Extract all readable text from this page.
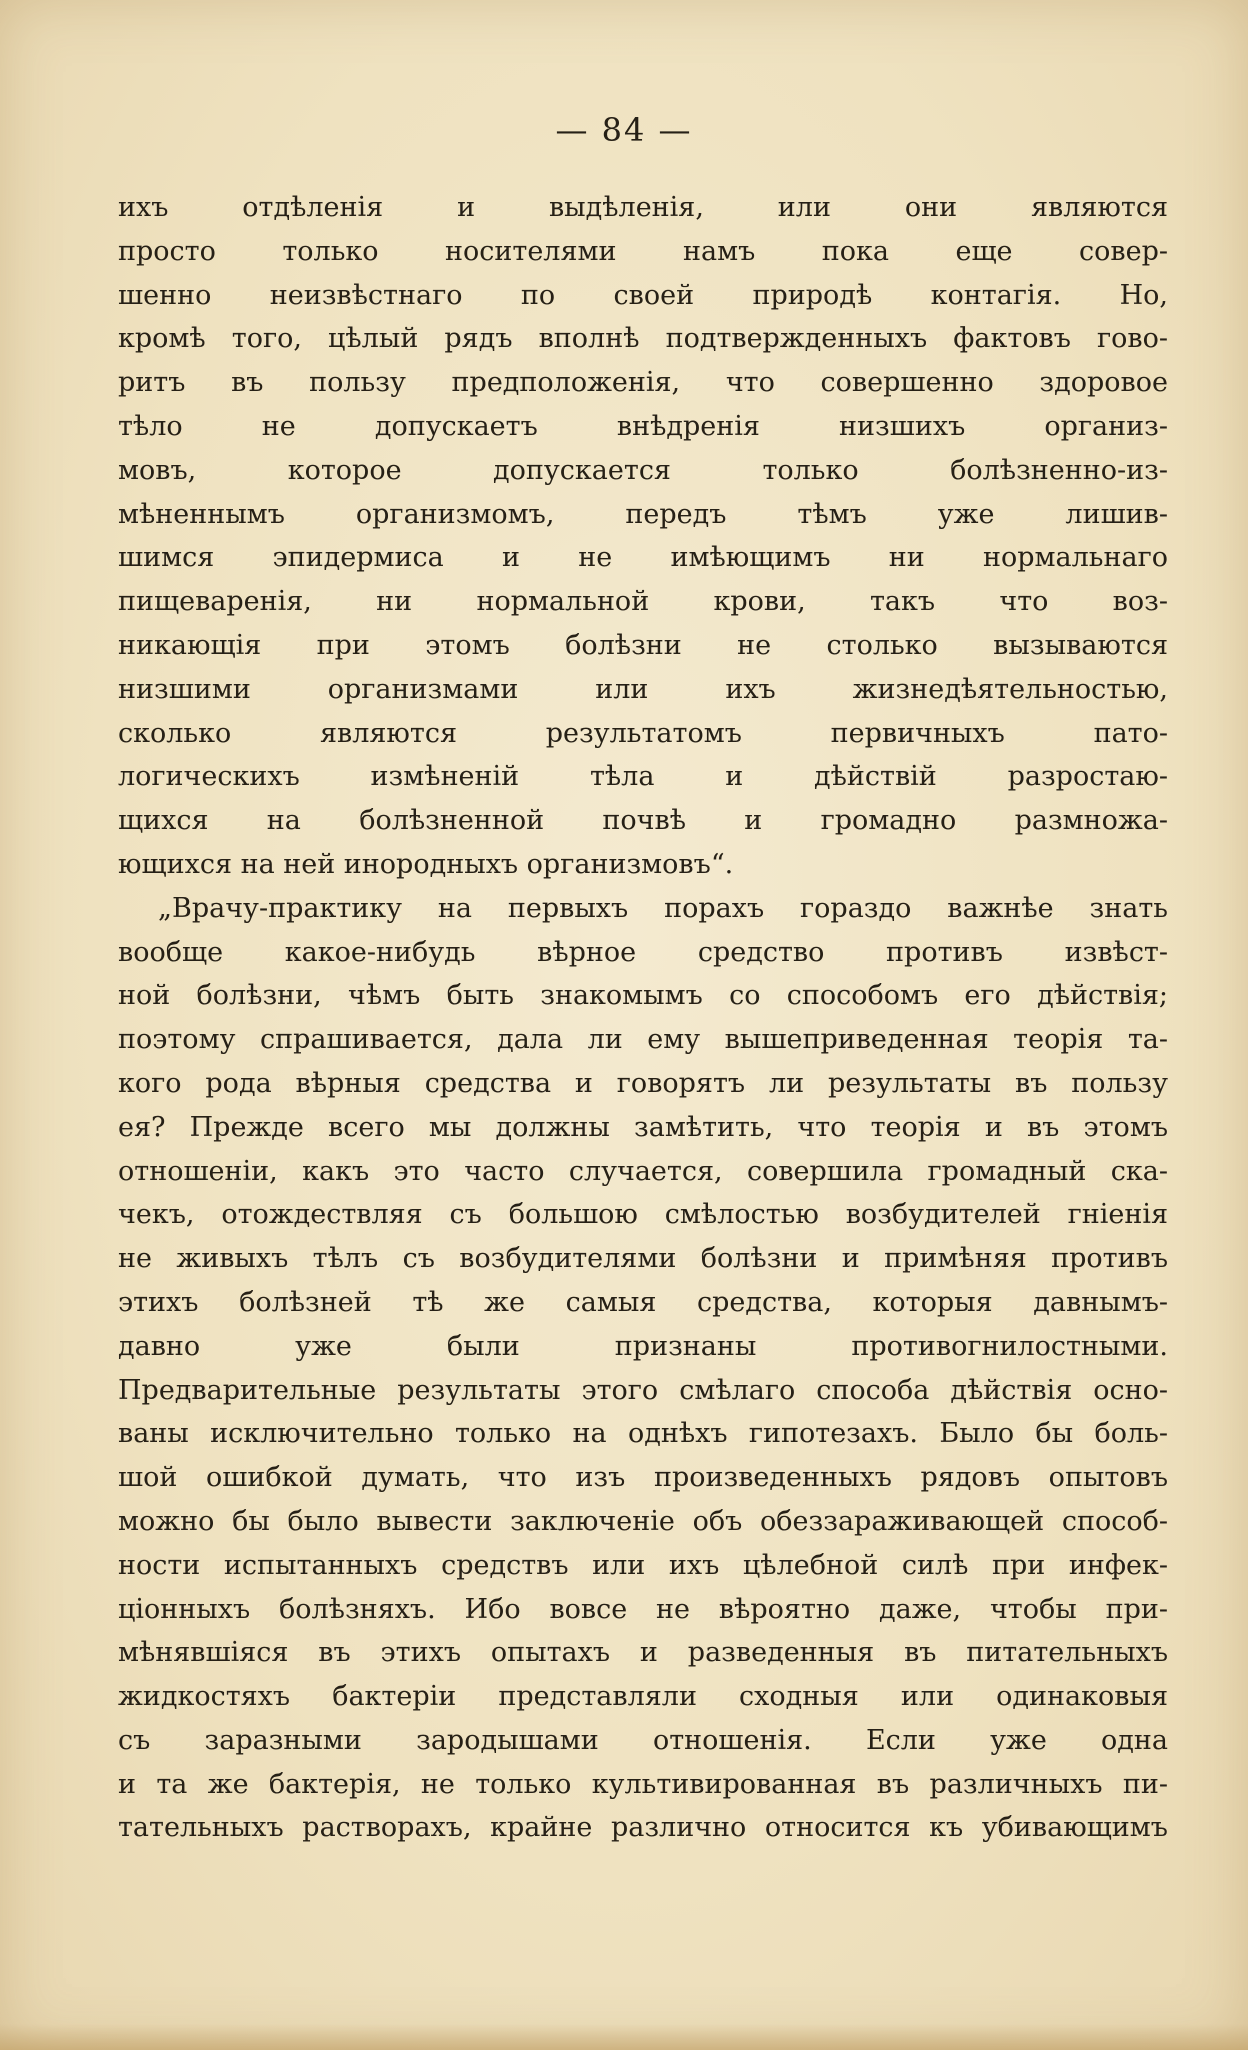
— 84 —
ихъ отдѣленія и выдѣленія, или они являются
просто только носителями намъ пока еще совер-
шенно неизвѣстнаго по своей природѣ контагія. Но,
кромѣ того, цѣлый рядъ вполнѣ подтвержденныхъ фактовъ гово-
ритъ въ пользу предположенія, что совершенно здоровое
тѣло не допускаетъ внѣдренія низшихъ организ-
мовъ, которое допускается только болѣзненно-из-
мѣненнымъ организмомъ, передъ тѣмъ уже лишив-
шимся эпидермиса и не имѣющимъ ни нормальнаго
пищеваренія, ни нормальной крови, такъ что воз-
никающія при этомъ болѣзни не столько вызываются
низшими организмами или ихъ жизнедѣятельностью,
сколько являются результатомъ первичныхъ пато-
логическихъ измѣненій тѣла и дѣйствій разростаю-
щихся на болѣзненной почвѣ и громадно размножа-
ющихся на ней инородныхъ организмовъ“.
„Врачу-практику на первыхъ порахъ гораздо важнѣе знать
вообще какое-нибудь вѣрное средство противъ извѣст-
ной болѣзни, чѣмъ быть знакомымъ со способомъ его дѣйствія;
поэтому спрашивается, дала ли ему вышеприведенная теорія та-
кого рода вѣрныя средства и говорятъ ли результаты въ пользу
ея? Прежде всего мы должны замѣтить, что теорія и въ этомъ
отношеніи, какъ это часто случается, совершила громадный ска-
чекъ, отождествляя съ большою смѣлостью возбудителей гніенія
не живыхъ тѣлъ съ возбудителями болѣзни и примѣняя противъ
этихъ болѣзней тѣ же самыя средства, которыя давнымъ-
давно уже были признаны противогнилостными.
Предварительные результаты этого смѣлаго способа дѣйствія осно-
ваны исключительно только на однѣхъ гипотезахъ. Было бы боль-
шой ошибкой думать, что изъ произведенныхъ рядовъ опытовъ
можно бы было вывести заключеніе объ обеззараживающей способ-
ности испытанныхъ средствъ или ихъ цѣлебной силѣ при инфек-
ціонныхъ болѣзняхъ. Ибо вовсе не вѣроятно даже, чтобы при-
мѣнявшіяся въ этихъ опытахъ и разведенныя въ питательныхъ
жидкостяхъ бактеріи представляли сходныя или одинаковыя
съ заразными зародышами отношенія. Если уже одна
и та же бактерія, не только культивированная въ различныхъ пи-
тательныхъ растворахъ, крайне различно относится къ убивающимъ
